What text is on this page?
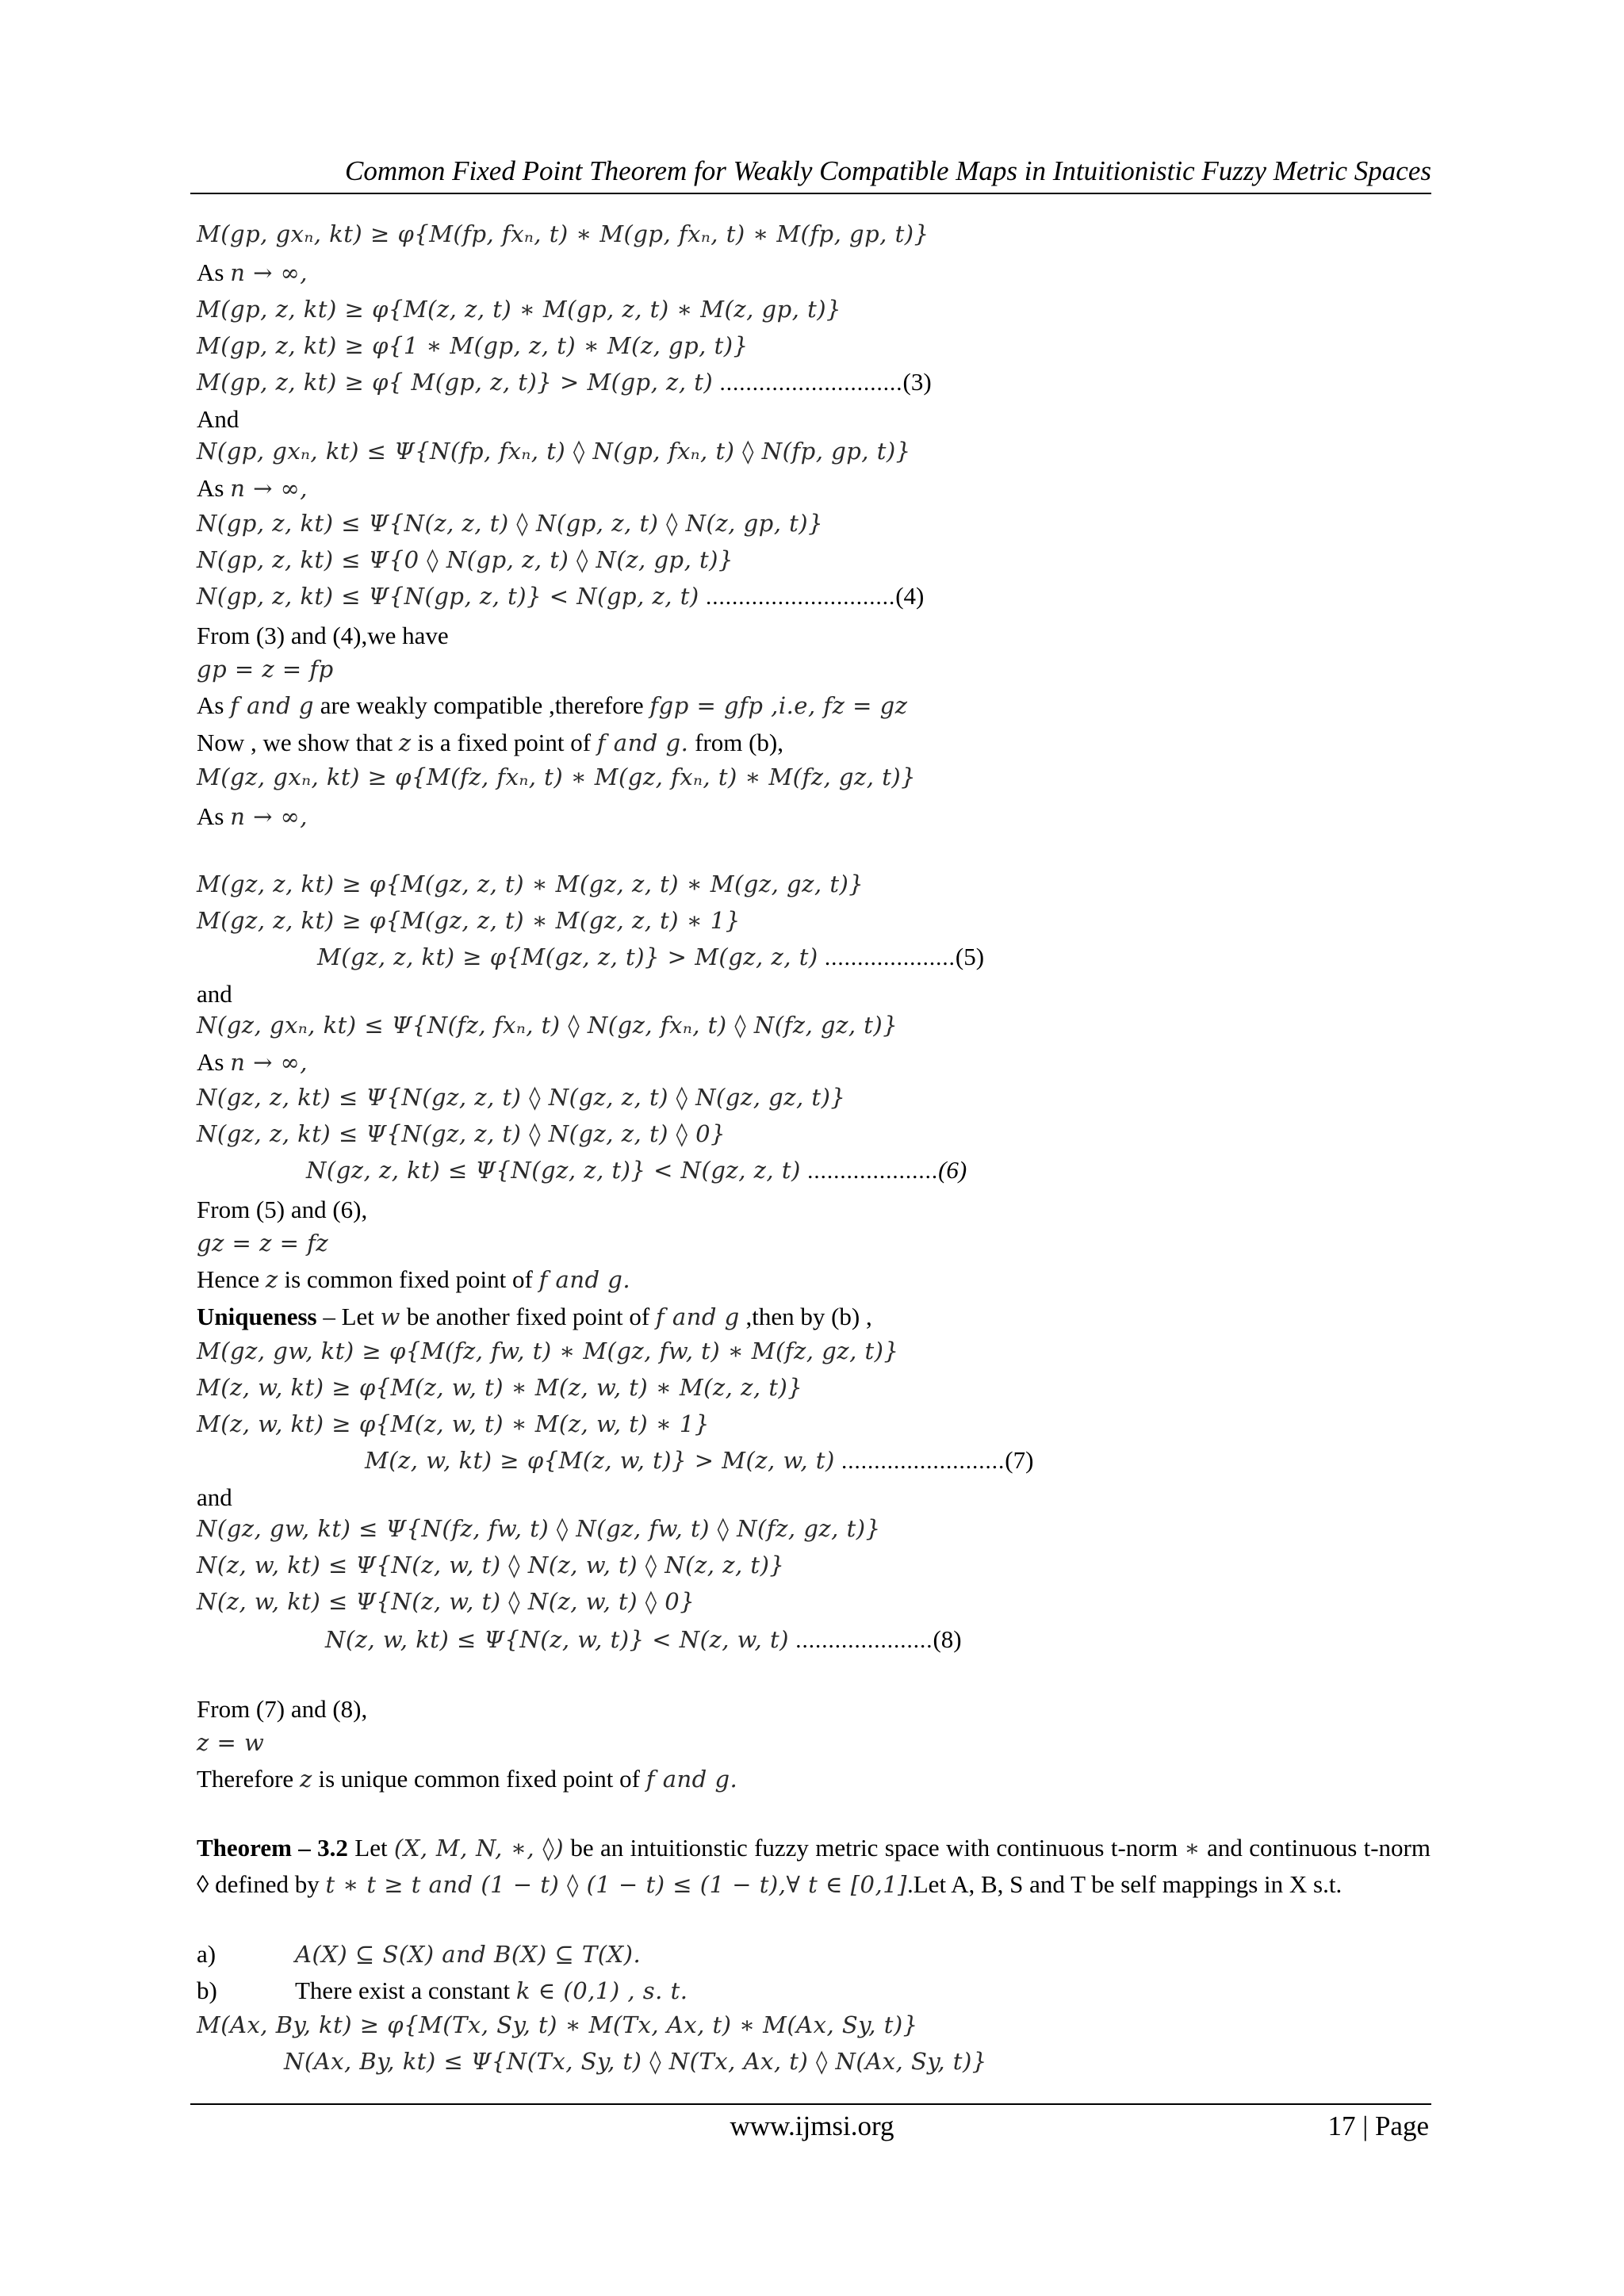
Common Fixed Point Theorem for Weakly Compatible Maps in Intuitionistic Fuzzy Metric Spaces
M(gp, gxₙ, kt) ≥ φ{M(fp, fxₙ, t) ∗ M(gp, fxₙ, t) ∗ M(fp, gp, t)}
As n → ∞,
M(gp, z, kt) ≥ φ{M(z, z, t) ∗ M(gp, z, t) ∗ M(z, gp, t)}
M(gp, z, kt) ≥ φ{1 ∗ M(gp, z, t) ∗ M(z, gp, t)}
M(gp, z, kt) ≥ φ{ M(gp, z, t)} > M(gp, z, t) ............................(3)
And
N(gp, gxₙ, kt) ≤ Ψ{N(fp, fxₙ, t) ◊ N(gp, fxₙ, t) ◊ N(fp, gp, t)}
As n → ∞,
N(gp, z, kt) ≤ Ψ{N(z, z, t) ◊ N(gp, z, t) ◊ N(z, gp, t)}
N(gp, z, kt) ≤ Ψ{0 ◊ N(gp, z, t) ◊ N(z, gp, t)}
N(gp, z, kt) ≤ Ψ{N(gp, z, t)} < N(gp, z, t) .............................(4)
From (3) and (4),we have
gp = z = fp
As f and g are weakly compatible ,therefore fgp = gfp ,i.e, fz = gz
Now , we show that z is a fixed point of f and g. from (b),
M(gz, gxₙ, kt) ≥ φ{M(fz, fxₙ, t) ∗ M(gz, fxₙ, t) ∗ M(fz, gz, t)}
As n → ∞,
M(gz, z, kt) ≥ φ{M(gz, z, t) ∗ M(gz, z, t) ∗ M(gz, gz, t)}
M(gz, z, kt) ≥ φ{M(gz, z, t) ∗ M(gz, z, t) ∗ 1}
M(gz, z, kt) ≥ φ{M(gz, z, t)} > M(gz, z, t) ....................(5)
and
N(gz, gxₙ, kt) ≤ Ψ{N(fz, fxₙ, t) ◊ N(gz, fxₙ, t) ◊ N(fz, gz, t)}
As n → ∞,
N(gz, z, kt) ≤ Ψ{N(gz, z, t) ◊ N(gz, z, t) ◊ N(gz, gz, t)}
N(gz, z, kt) ≤ Ψ{N(gz, z, t) ◊ N(gz, z, t) ◊ 0}
N(gz, z, kt) ≤ Ψ{N(gz, z, t)} < N(gz, z, t) ....................(6)
From (5) and (6),
gz = z = fz
Hence z is common fixed point of f and g.
Uniqueness – Let w be another fixed point of f and g ,then by (b) ,
M(gz, gw, kt) ≥ φ{M(fz, fw, t) ∗ M(gz, fw, t) ∗ M(fz, gz, t)}
M(z, w, kt) ≥ φ{M(z, w, t) ∗ M(z, w, t) ∗ M(z, z, t)}
M(z, w, kt) ≥ φ{M(z, w, t) ∗ M(z, w, t) ∗ 1}
M(z, w, kt) ≥ φ{M(z, w, t)} > M(z, w, t) .........................(7)
and
N(gz, gw, kt) ≤ Ψ{N(fz, fw, t) ◊ N(gz, fw, t) ◊ N(fz, gz, t)}
N(z, w, kt) ≤ Ψ{N(z, w, t) ◊ N(z, w, t) ◊ N(z, z, t)}
N(z, w, kt) ≤ Ψ{N(z, w, t) ◊ N(z, w, t) ◊ 0}
N(z, w, kt) ≤ Ψ{N(z, w, t)} < N(z, w, t) .....................(8)
From (7) and (8),
z = w
Therefore z is unique common fixed point of f and g.
Theorem – 3.2 Let (X, M, N, ∗, ◊) be an intuitionstic fuzzy metric space with continuous t-norm ∗ and continuous t-norm ◊ defined by t ∗ t ≥ t and (1 − t) ◊ (1 − t) ≤ (1 − t),∀ t ∈ [0,1].Let A, B, S and T be self mappings in X s.t.
a)	A(X) ⊆ S(X) and B(X) ⊆ T(X).
b)	There exist a constant k ∈ (0,1) , s. t.
M(Ax, By, kt) ≥ φ{M(Tx, Sy, t) ∗ M(Tx, Ax, t) ∗ M(Ax, Sy, t)}
N(Ax, By, kt) ≤ Ψ{N(Tx, Sy, t) ◊ N(Tx, Ax, t) ◊ N(Ax, Sy, t)}
www.ijmsi.org	17 | Page
